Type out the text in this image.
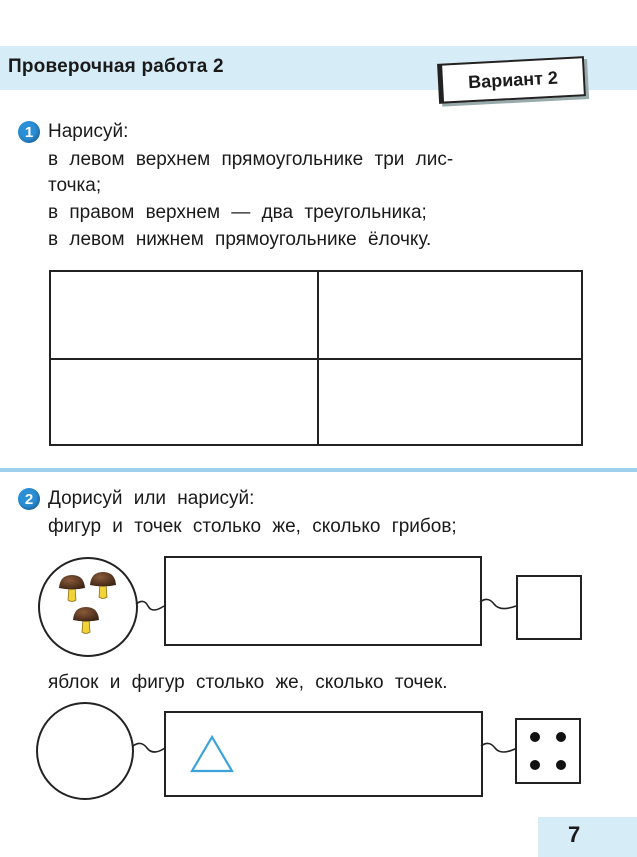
Проверочная работа 2
Вариант 2
1 Нарисуй:
в левом верхнем прямоугольнике три лис-
точка;
в правом верхнем — два треугольника;
в левом нижнем прямоугольнике ёлочку.
2 Дорисуй или нарисуй:
фигур и точек столько же, сколько грибов;
яблок и фигур столько же, сколько точек.
7
